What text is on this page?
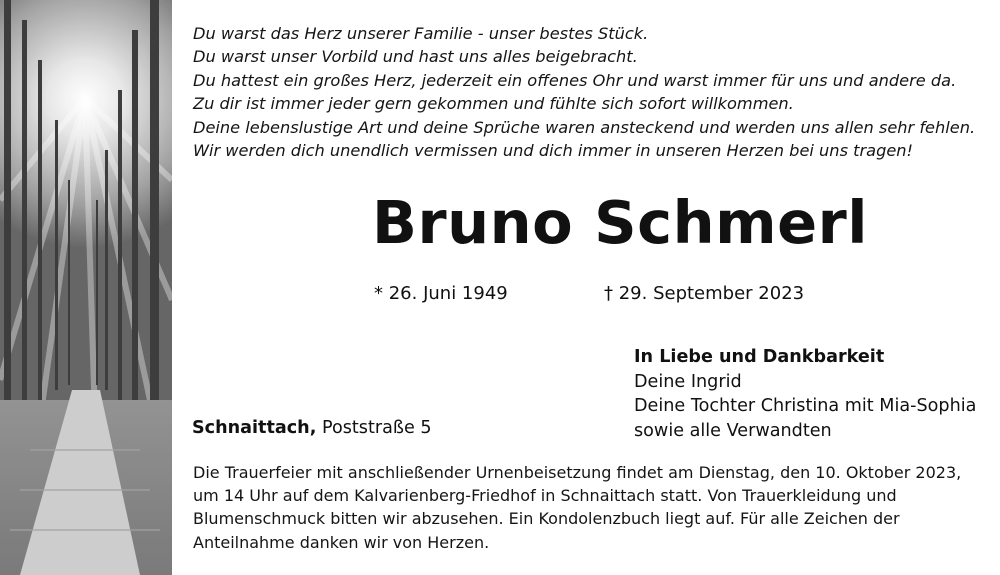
Du warst das Herz unserer Familie - unser bestes Stück.
Du warst unser Vorbild und hast uns alles beigebracht.
Du hattest ein großes Herz, jederzeit ein offenes Ohr und warst immer für uns und andere da.
Zu dir ist immer jeder gern gekommen und fühlte sich sofort willkommen.
Deine lebenslustige Art und deine Sprüche waren ansteckend und werden uns allen sehr fehlen.
Wir werden dich unendlich vermissen und dich immer in unseren Herzen bei uns tragen!
Bruno Schmerl
* 26. Juni 1949	† 29. September 2023
In Liebe und Dankbarkeit
Deine Ingrid
Deine Tochter Christina mit Mia-Sophia
sowie alle Verwandten
Schnaittach, Poststraße 5
Die Trauerfeier mit anschließender Urnenbeisetzung findet am Dienstag, den 10. Oktober 2023,
um 14 Uhr auf dem Kalvarienberg-Friedhof in Schnaittach statt. Von Trauerkleidung und
Blumenschmuck bitten wir abzusehen. Ein Kondolenzbuch liegt auf. Für alle Zeichen der
Anteilnahme danken wir von Herzen.
